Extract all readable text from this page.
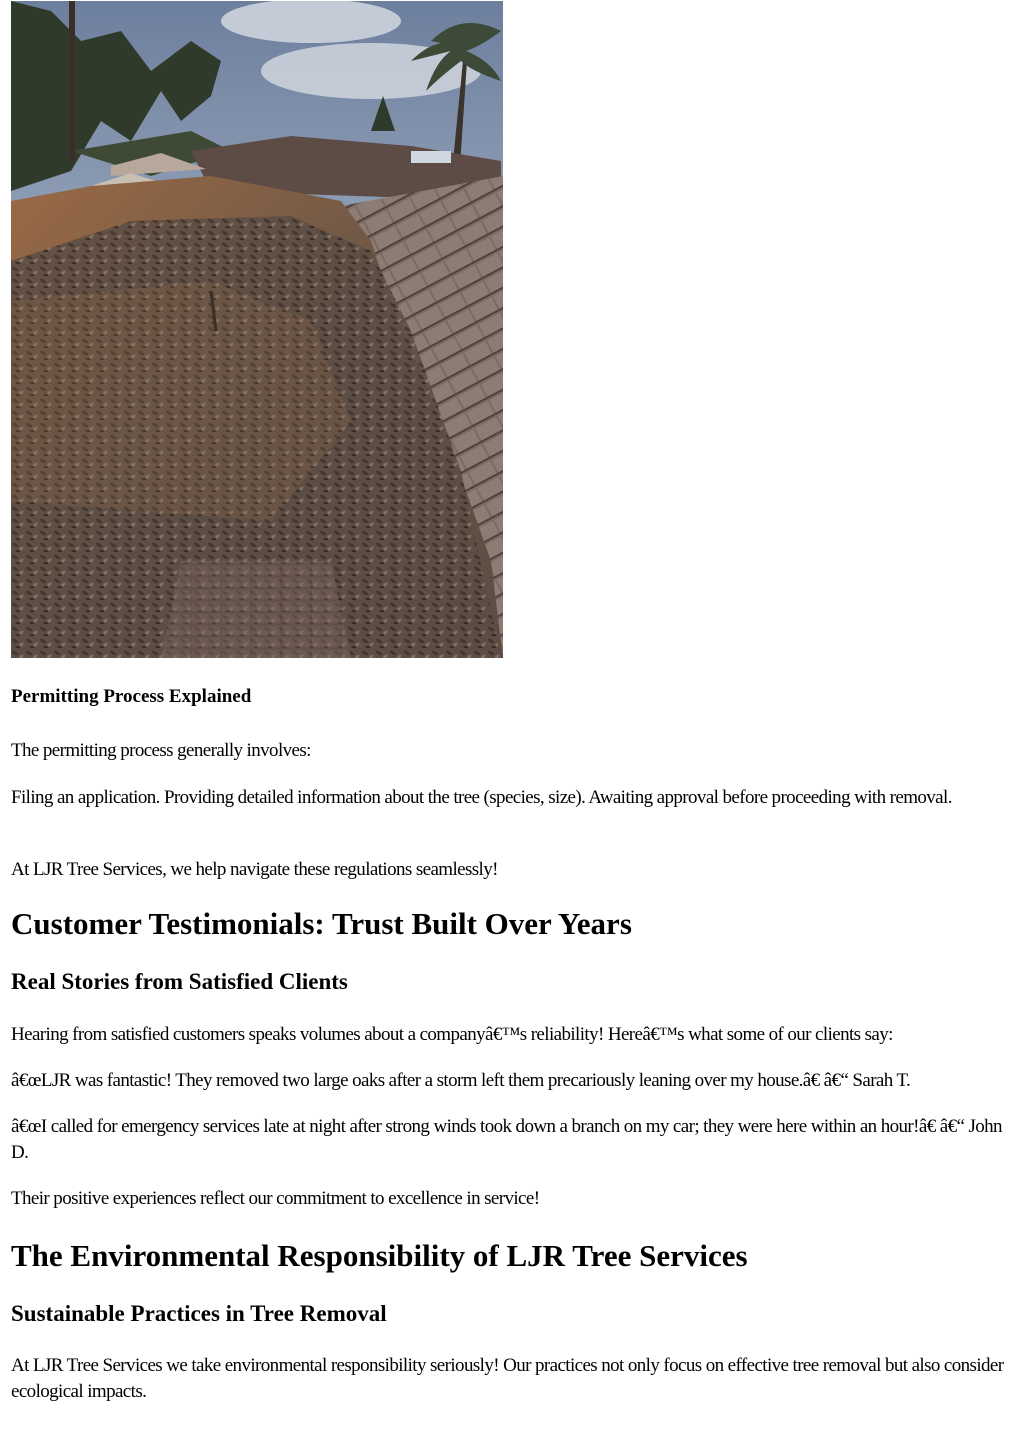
Permitting Process Explained

The permitting process generally involves:

Filing an application. Providing detailed information about the tree (species, size). Awaiting approval before proceeding with removal.

At LJR Tree Services, we help navigate these regulations seamlessly!

Customer Testimonials: Trust Built Over Years
Real Stories from Satisfied Clients

Hearing from satisfied customers speaks volumes about a companyâ€™s reliability! Hereâ€™s what some of our clients say:

â€œLJR was fantastic! They removed two large oaks after a storm left them precariously leaning over my house.â€ â€“ Sarah T.

â€œI called for emergency services late at night after strong winds took down a branch on my car; they were here within an hour!â€ â€“ John D.

Their positive experiences reflect our commitment to excellence in service!

The Environmental Responsibility of LJR Tree Services
Sustainable Practices in Tree Removal

At LJR Tree Services we take environmental responsibility seriously! Our practices not only focus on effective tree removal but also consider ecological impacts.
